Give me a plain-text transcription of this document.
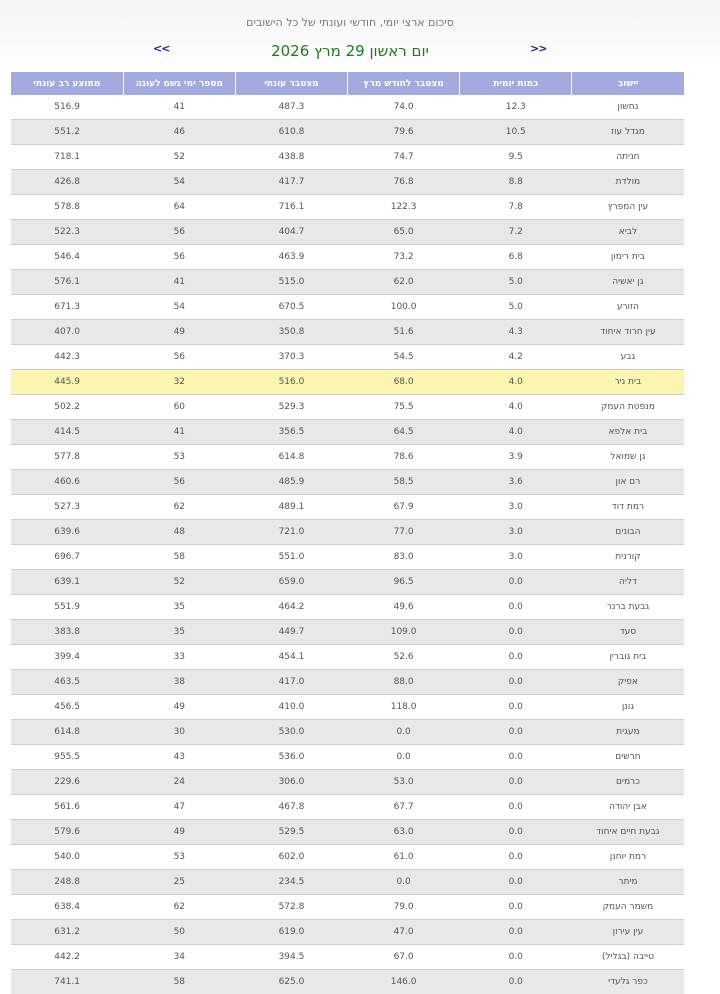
סיכום ארצי יומי, חודשי ועונתי של כל הישובים
<<	יום ראשון 29 מרץ 2026	>>
יישוב	כמות יומית	מצטבר לחודש מרץ	מצטבר עונתי	מספר ימי גשם לעונה	ממוצע רב עונתי
נחשון	12.3	74.0	487.3	41	516.9
מגדל עוז	10.5	79.6	610.8	46	551.2
חניתה	9.5	74.7	438.8	52	718.1
מולדת	8.8	76.8	417.7	54	426.8
עין המפרץ	7.8	122.3	716.1	64	578.8
לביא	7.2	65.0	404.7	56	522.3
בית רימון	6.8	73.2	463.9	56	546.4
גן יאשיה	5.0	62.0	515.0	41	576.1
הזורע	5.0	100.0	670.5	54	671.3
עין חרוד איחוד	4.3	51.6	350.8	49	407.0
גבע	4.2	54.5	370.3	56	442.3
בית ניר	4.0	68.0	516.0	32	445.9
מנפטת העמק	4.0	75.5	529.3	60	502.2
בית אלפא	4.0	64.5	356.5	41	414.5
גן שמואל	3.9	78.6	614.8	53	577.8
רם און	3.6	58.5	485.9	56	460.6
רמת דוד	3.0	67.9	489.1	62	527.3
הבונים	3.0	77.0	721.0	48	639.6
קורנית	3.0	83.0	551.0	58	696.7
דליה	0.0	96.5	659.0	52	639.1
גבעת ברנר	0.0	49.6	464.2	35	551.9
סעד	0.0	109.0	449.7	35	383.8
בית גוברין	0.0	52.6	454.1	33	399.4
אפיק	0.0	88.0	417.0	38	463.5
גונן	0.0	118.0	410.0	49	456.5
מעגית	0.0	0.0	530.0	30	614.8
חרשים	0.0	0.0	536.0	43	955.5
כרמים	0.0	53.0	306.0	24	229.6
אבן יהודה	0.0	67.7	467.8	47	561.6
גבעת חיים איחוד	0.0	63.0	529.5	49	579.6
רמת יוחנן	0.0	61.0	602.0	53	540.0
מיתר	0.0	0.0	234.5	25	248.8
משמר העמק	0.0	79.0	572.8	62	638.4
עין עירון	0.0	47.0	619.0	50	631.2
טייבה (בגליל)	0.0	67.0	394.5	34	442.2
כפר גלעדי	0.0	146.0	625.0	58	741.1
